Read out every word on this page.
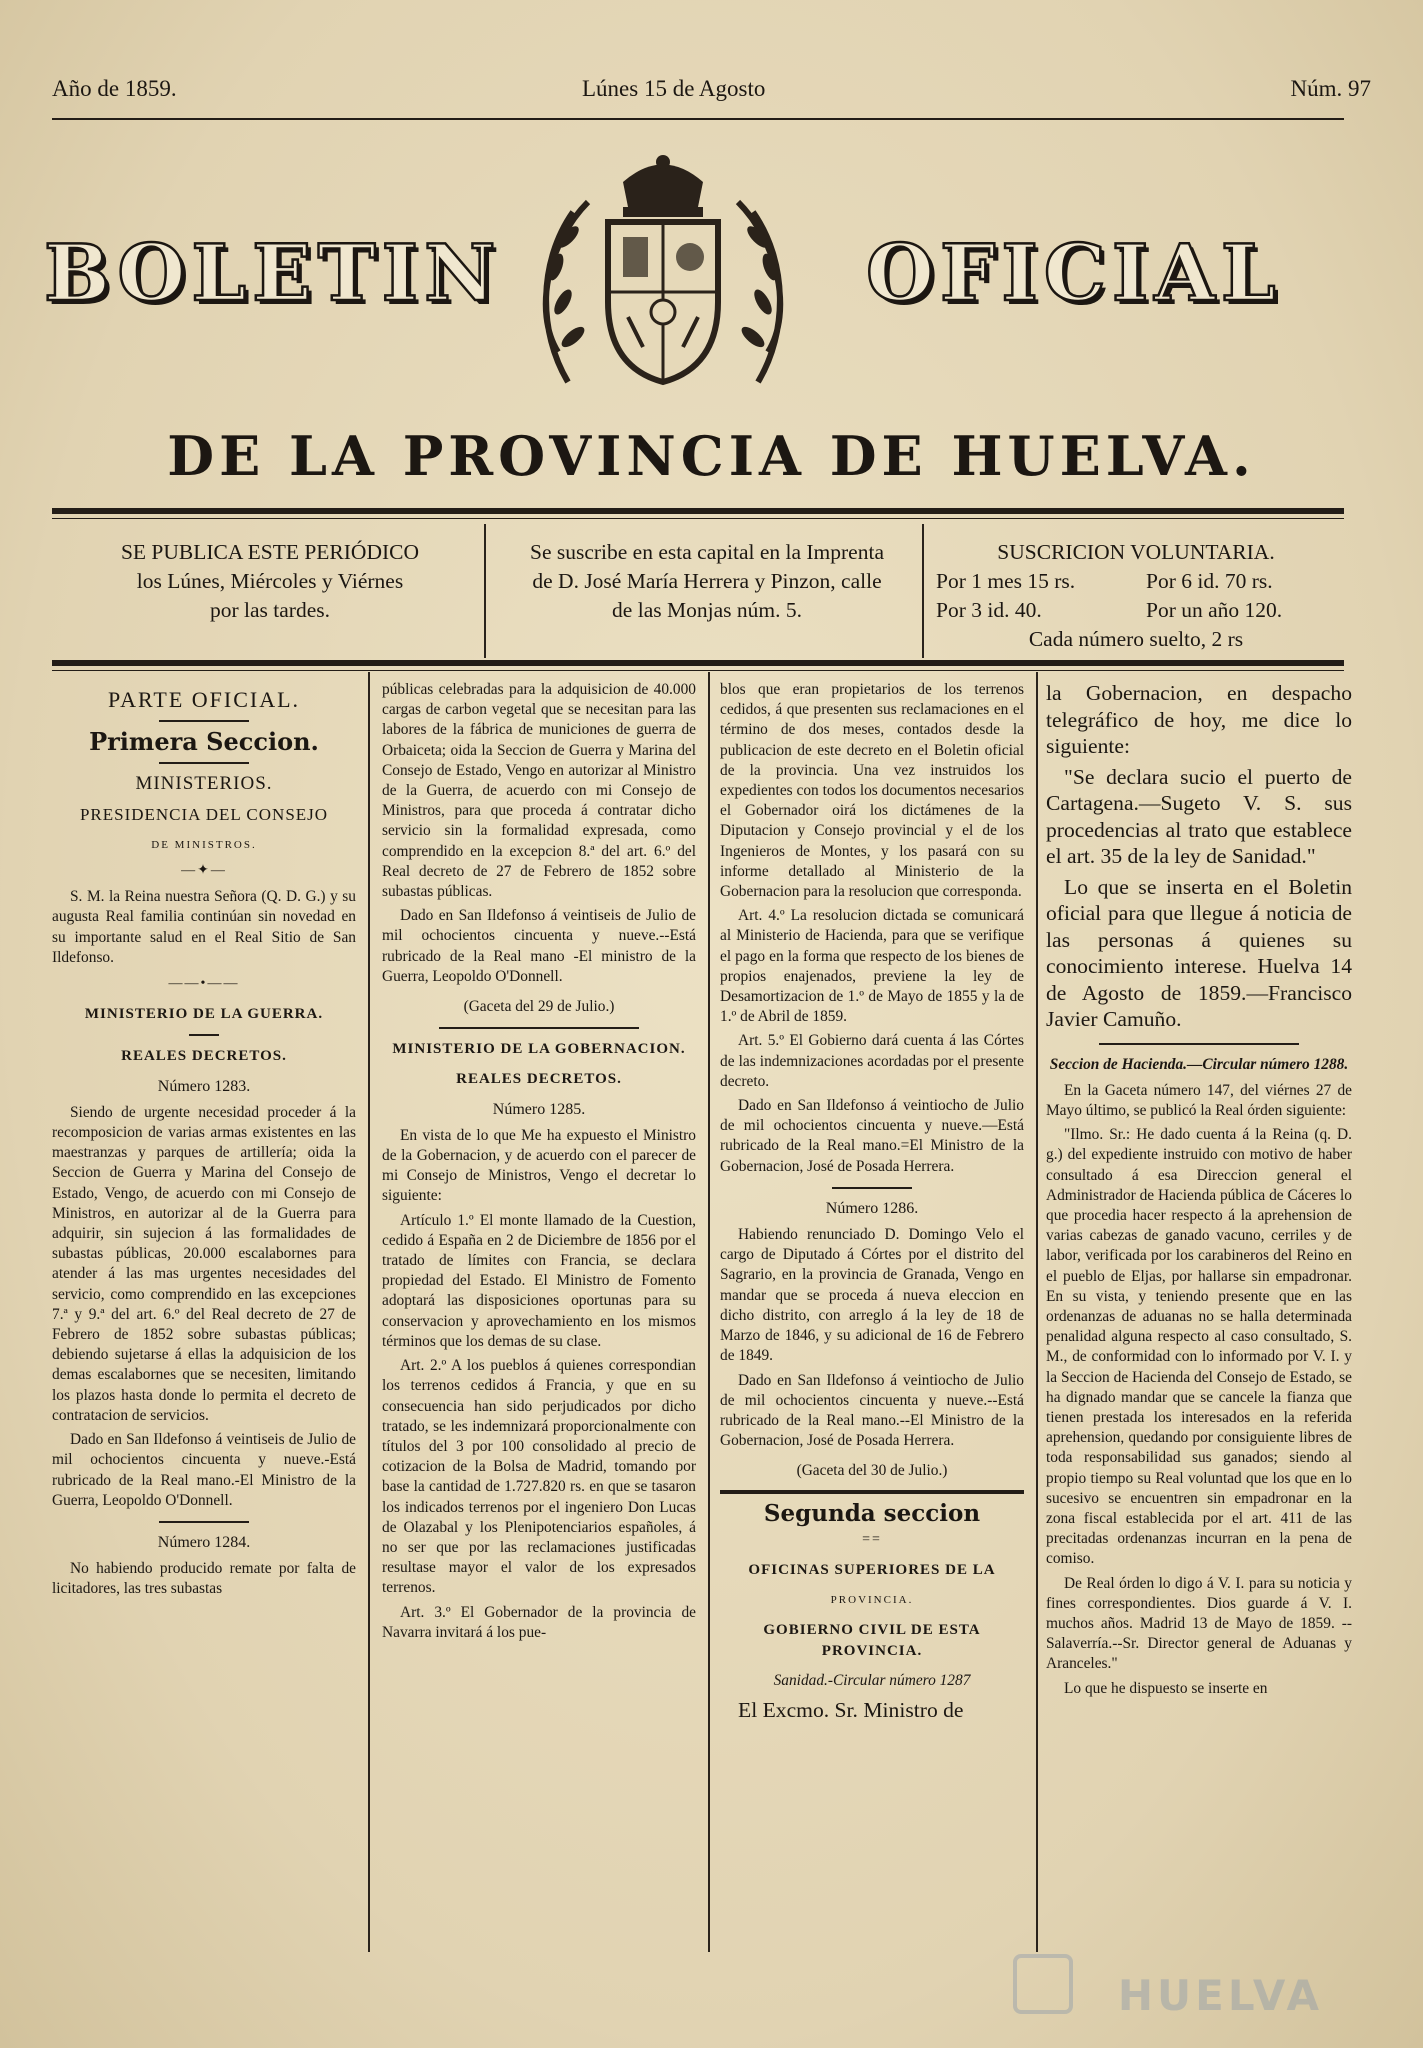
Año de 1859.	Lúnes 15 de Agosto	Núm. 97
BOLETIN	OFICIAL
DE LA PROVINCIA DE HUELVA.
SE PUBLICA ESTE PERIÓDICO
los Lúnes, Miércoles y Viérnes
por las tardes.
Se suscribe en esta capital en la Imprenta
de D. José María Herrera y Pinzon, calle
de las Monjas núm. 5.
SUSCRICION VOLUNTARIA.
Por 1 mes 15 rs.	Por 6 id. 70 rs.
Por 3 id. 40.	Por un año 120.
Cada número suelto, 2 rs

PARTE OFICIAL.

Primera Seccion.

MINISTERIOS.

PRESIDENCIA DEL CONSEJO

DE MINISTROS.

―✦―

S. M. la Reina nuestra Señora (Q. D. G.) y su augusta Real familia continúan sin novedad en su importante salud en el Real Sitio de San Ildefonso.

——•——

MINISTERIO DE LA GUERRA.

REALES DECRETOS.

Número 1283.

Siendo de urgente necesidad proceder á la recomposicion de varias armas existentes en las maestranzas y parques de artillería; oida la Seccion de Guerra y Marina del Consejo de Estado, Vengo, de acuerdo con mi Consejo de Ministros, en autorizar al de la Guerra para adquirir, sin sujecion á las formalidades de subastas públicas, 20.000 escalabornes para atender á las mas urgentes necesidades del servicio, como comprendido en las excepciones 7.ª y 9.ª del art. 6.º del Real decreto de 27 de Febrero de 1852 sobre subastas públicas; debiendo sujetarse á ellas la adquisicion de los demas escalabornes que se necesiten, limitando los plazos hasta donde lo permita el decreto de contratacion de servicios.

Dado en San Ildefonso á veintiseis de Julio de mil ochocientos cincuenta y nueve.-Está rubricado de la Real mano.-El Ministro de la Guerra, Leopoldo O'Donnell.

Número 1284.

No habiendo producido remate por falta de licitadores, las tres subastas

públicas celebradas para la adquisicion de 40.000 cargas de carbon vegetal que se necesitan para las labores de la fábrica de municiones de guerra de Orbaiceta; oida la Seccion de Guerra y Marina del Consejo de Estado, Vengo en autorizar al Ministro de la Guerra, de acuerdo con mi Consejo de Ministros, para que proceda á contratar dicho servicio sin la formalidad expresada, como comprendido en la excepcion 8.ª del art. 6.º del Real decreto de 27 de Febrero de 1852 sobre subastas públicas.

Dado en San Ildefonso á veintiseis de Julio de mil ochocientos cincuenta y nueve.--Está rubricado de la Real mano -El ministro de la Guerra, Leopoldo O'Donnell.

(Gaceta del 29 de Julio.)

MINISTERIO DE LA GOBERNACION.

REALES DECRETOS.

Número 1285.

En vista de lo que Me ha expuesto el Ministro de la Gobernacion, y de acuerdo con el parecer de mi Consejo de Ministros, Vengo el decretar lo siguiente:

Artículo 1.º El monte llamado de la Cuestion, cedido á España en 2 de Diciembre de 1856 por el tratado de límites con Francia, se declara propiedad del Estado. El Ministro de Fomento adoptará las disposiciones oportunas para su conservacion y aprovechamiento en los mismos términos que los demas de su clase.

Art. 2.º A los pueblos á quienes correspondian los terrenos cedidos á Francia, y que en su consecuencia han sido perjudicados por dicho tratado, se les indemnizará proporcionalmente con títulos del 3 por 100 consolidado al precio de cotizacion de la Bolsa de Madrid, tomando por base la cantidad de 1.727.820 rs. en que se tasaron los indicados terrenos por el ingeniero Don Lucas de Olazabal y los Plenipotenciarios españoles, á no ser que por las reclamaciones justificadas resultase mayor el valor de los expresados terrenos.

Art. 3.º El Gobernador de la provincia de Navarra invitará á los pue-

blos que eran propietarios de los terrenos cedidos, á que presenten sus reclamaciones en el término de dos meses, contados desde la publicacion de este decreto en el Boletin oficial de la provincia. Una vez instruidos los expedientes con todos los documentos necesarios el Gobernador oirá los dictámenes de la Diputacion y Consejo provincial y el de los Ingenieros de Montes, y los pasará con su informe detallado al Ministerio de la Gobernacion para la resolucion que corresponda.

Art. 4.º La resolucion dictada se comunicará al Ministerio de Hacienda, para que se verifique el pago en la forma que respecto de los bienes de propios enajenados, previene la ley de Desamortizacion de 1.º de Mayo de 1855 y la de 1.º de Abril de 1859.

Art. 5.º El Gobierno dará cuenta á las Córtes de las indemnizaciones acordadas por el presente decreto.

Dado en San Ildefonso á veintiocho de Julio de mil ochocientos cincuenta y nueve.—Está rubricado de la Real mano.=El Ministro de la Gobernacion, José de Posada Herrera.

Número 1286.

Habiendo renunciado D. Domingo Velo el cargo de Diputado á Córtes por el distrito del Sagrario, en la provincia de Granada, Vengo en mandar que se proceda á nueva eleccion en dicho distrito, con arreglo á la ley de 18 de Marzo de 1846, y su adicional de 16 de Febrero de 1849.

Dado en San Ildefonso á veintiocho de Julio de mil ochocientos cincuenta y nueve.--Está rubricado de la Real mano.--El Ministro de la Gobernacion, José de Posada Herrera.

(Gaceta del 30 de Julio.)

Segunda seccion

==

OFICINAS SUPERIORES DE LA

PROVINCIA.

GOBIERNO CIVIL DE ESTA PROVINCIA.

Sanidad.-Circular número 1287

El Excmo. Sr. Ministro de

la Gobernacion, en despacho telegráfico de hoy, me dice lo siguiente:

"Se declara sucio el puerto de Cartagena.—Sugeto V. S. sus procedencias al trato que establece el art. 35 de la ley de Sanidad."

Lo que se inserta en el Boletin oficial para que llegue á noticia de las personas á quienes su conocimiento interese. Huelva 14 de Agosto de 1859.—Francisco Javier Camuño.

Seccion de Hacienda.—Circular número 1288.

En la Gaceta número 147, del viérnes 27 de Mayo último, se publicó la Real órden siguiente:

"Ilmo. Sr.: He dado cuenta á la Reina (q. D. g.) del expediente instruido con motivo de haber consultado á esa Direccion general el Administrador de Hacienda pública de Cáceres lo que procedia hacer respecto á la aprehension de varias cabezas de ganado vacuno, cerriles y de labor, verificada por los carabineros del Reino en el pueblo de Eljas, por hallarse sin empadronar. En su vista, y teniendo presente que en las ordenanzas de aduanas no se halla determinada penalidad alguna respecto al caso consultado, S. M., de conformidad con lo informado por V. I. y la Seccion de Hacienda del Consejo de Estado, se ha dignado mandar que se cancele la fianza que tienen prestada los interesados en la referida aprehension, quedando por consiguiente libres de toda responsabilidad sus ganados; siendo al propio tiempo su Real voluntad que los que en lo sucesivo se encuentren sin empadronar en la zona fiscal establecida por el art. 411 de las precitadas ordenanzas incurran en la pena de comiso.

De Real órden lo digo á V. I. para su noticia y fines correspondientes. Dios guarde á V. I. muchos años. Madrid 13 de Mayo de 1859. --Salaverría.--Sr. Director general de Aduanas y Aranceles."

Lo que he dispuesto se inserte en

HUELVA
